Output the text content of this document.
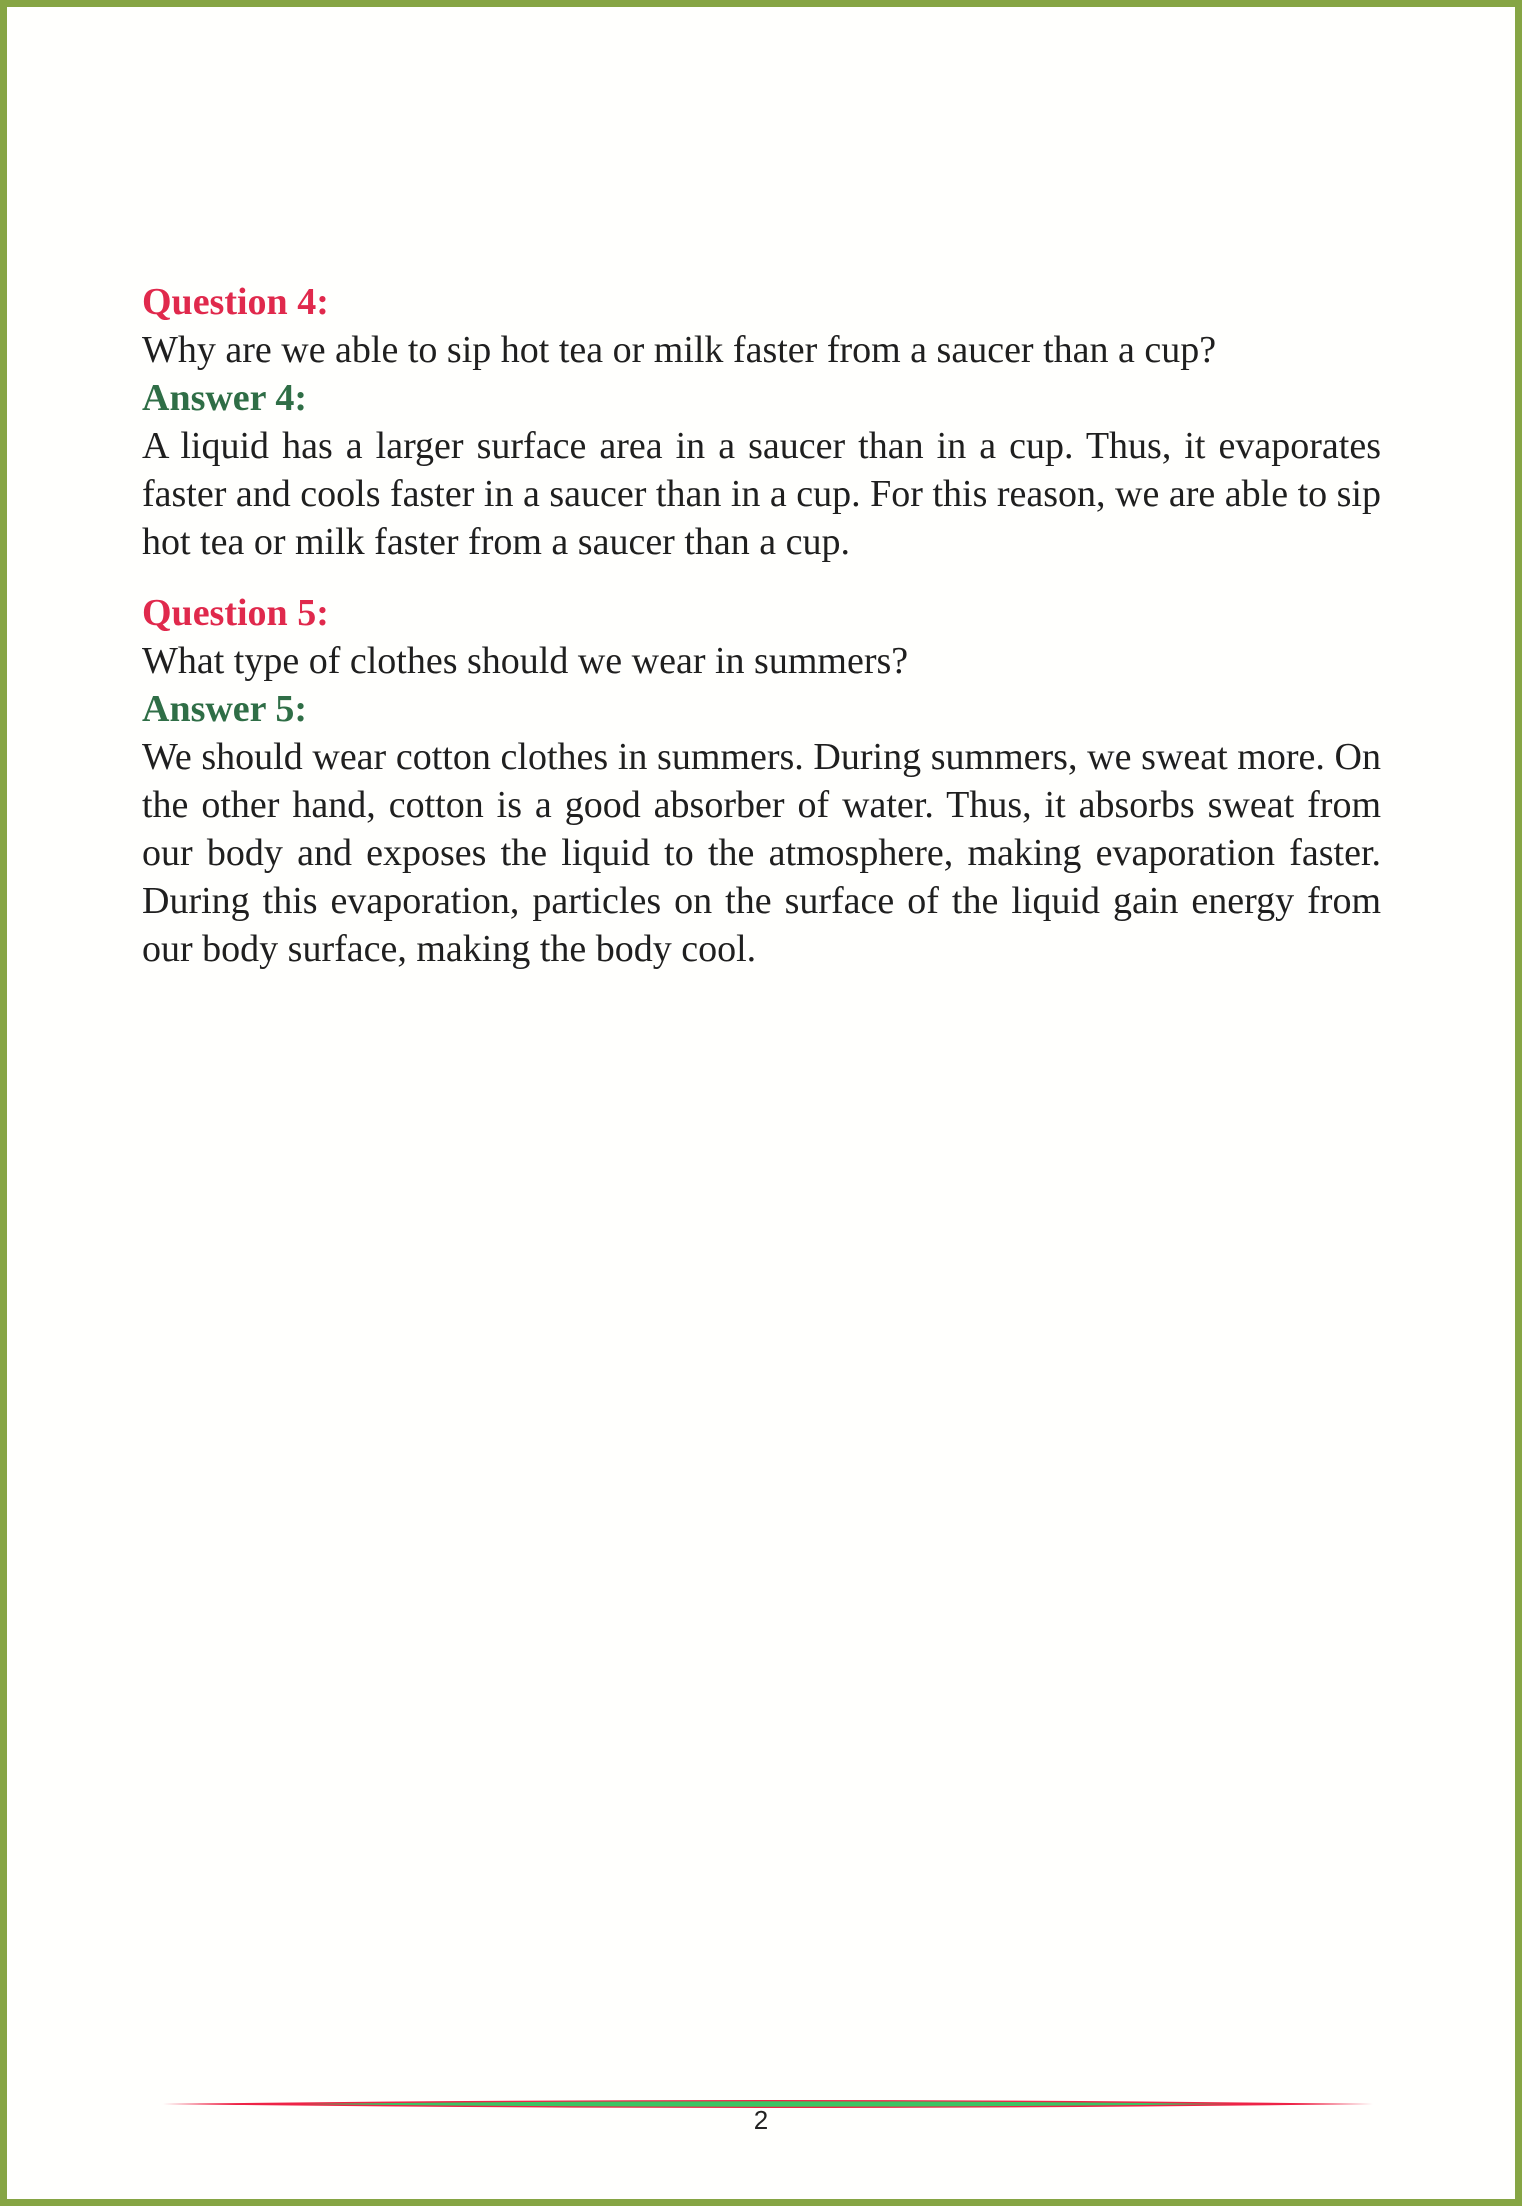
Question 4:
Why are we able to sip hot tea or milk faster from a saucer than a cup?
Answer 4:
A liquid has a larger surface area in a saucer than in a cup. Thus, it evaporates faster and cools faster in a saucer than in a cup. For this reason, we are able to sip hot tea or milk faster from a saucer than a cup.
Question 5:
What type of clothes should we wear in summers?
Answer 5:
We should wear cotton clothes in summers. During summers, we sweat more. On the other hand, cotton is a good absorber of water. Thus, it absorbs sweat from our body and exposes the liquid to the atmosphere, making evaporation faster. During this evaporation, particles on the surface of the liquid gain energy from our body surface, making the body cool.
2
